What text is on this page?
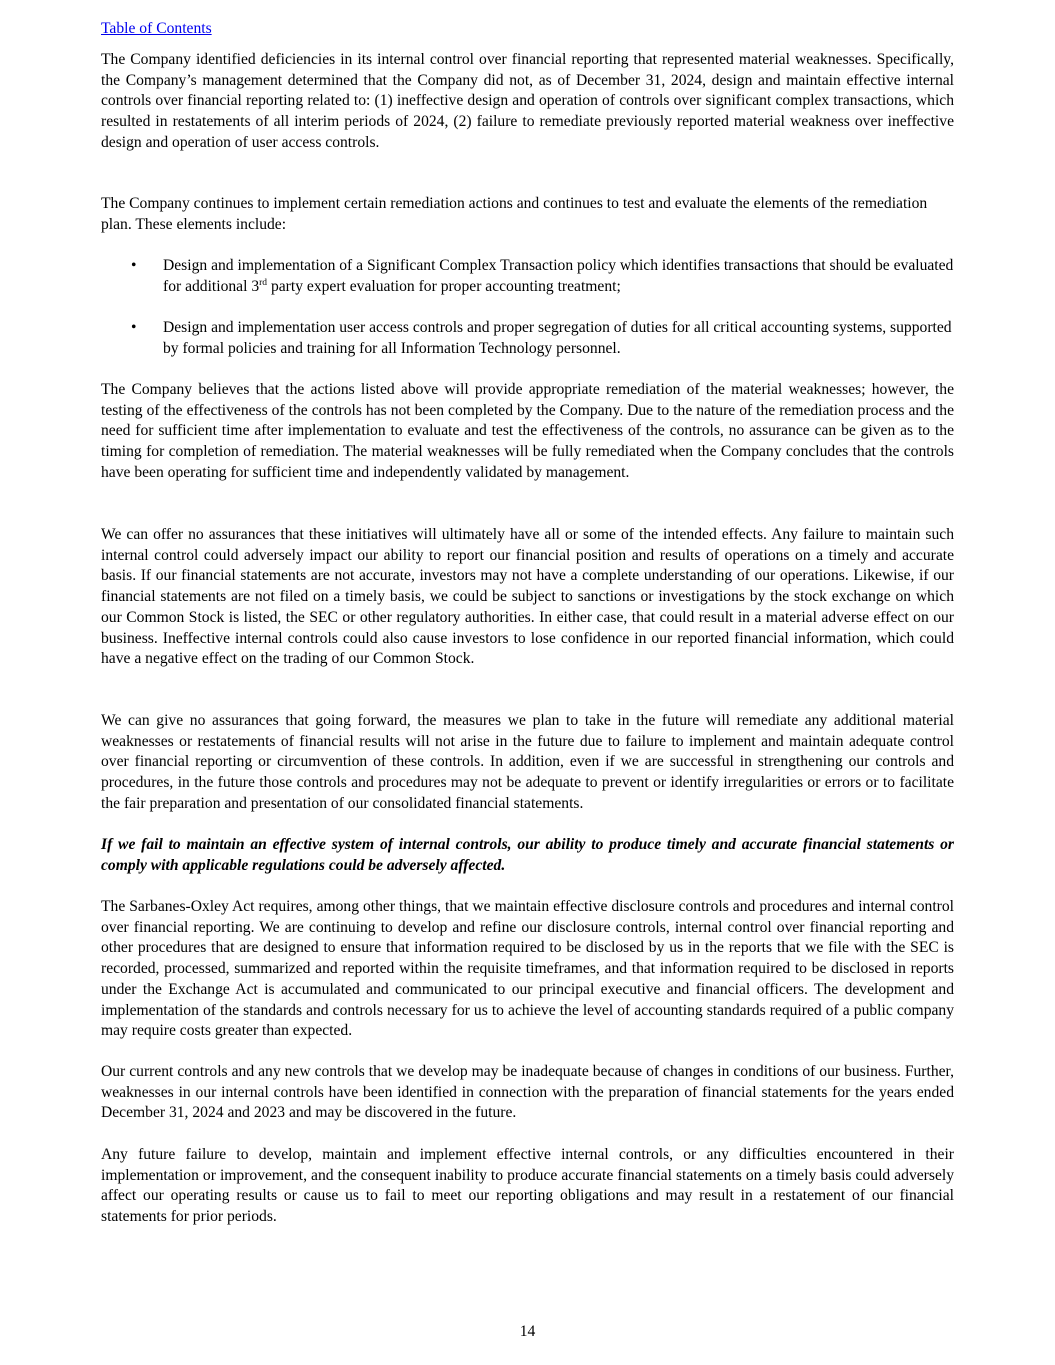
Table of Contents

The Company identified deficiencies in its internal control over financial reporting that represented material weaknesses. Specifically, the Company’s management determined that the Company did not, as of December 31, 2024, design and maintain effective internal controls over financial reporting related to: (1) ineffective design and operation of controls over significant complex transactions, which resulted in restatements of all interim periods of 2024, (2) failure to remediate previously reported material weakness over ineffective design and operation of user access controls.

The Company continues to implement certain remediation actions and continues to test and evaluate the elements of the remediation plan. These elements include:

• Design and implementation of a Significant Complex Transaction policy which identifies transactions that should be evaluated for additional 3rd party expert evaluation for proper accounting treatment;
• Design and implementation user access controls and proper segregation of duties for all critical accounting systems, supported by formal policies and training for all Information Technology personnel.

The Company believes that the actions listed above will provide appropriate remediation of the material weaknesses; however, the testing of the effectiveness of the controls has not been completed by the Company. Due to the nature of the remediation process and the need for sufficient time after implementation to evaluate and test the effectiveness of the controls, no assurance can be given as to the timing for completion of remediation. The material weaknesses will be fully remediated when the Company concludes that the controls have been operating for sufficient time and independently validated by management.

We can offer no assurances that these initiatives will ultimately have all or some of the intended effects. Any failure to maintain such internal control could adversely impact our ability to report our financial position and results of operations on a timely and accurate basis. If our financial statements are not accurate, investors may not have a complete understanding of our operations. Likewise, if our financial statements are not filed on a timely basis, we could be subject to sanctions or investigations by the stock exchange on which our Common Stock is listed, the SEC or other regulatory authorities. In either case, that could result in a material adverse effect on our business. Ineffective internal controls could also cause investors to lose confidence in our reported financial information, which could have a negative effect on the trading of our Common Stock.

We can give no assurances that going forward, the measures we plan to take in the future will remediate any additional material weaknesses or restatements of financial results will not arise in the future due to failure to implement and maintain adequate control over financial reporting or circumvention of these controls. In addition, even if we are successful in strengthening our controls and procedures, in the future those controls and procedures may not be adequate to prevent or identify irregularities or errors or to facilitate the fair preparation and presentation of our consolidated financial statements.

If we fail to maintain an effective system of internal controls, our ability to produce timely and accurate financial statements or comply with applicable regulations could be adversely affected.

The Sarbanes-Oxley Act requires, among other things, that we maintain effective disclosure controls and procedures and internal control over financial reporting. We are continuing to develop and refine our disclosure controls, internal control over financial reporting and other procedures that are designed to ensure that information required to be disclosed by us in the reports that we file with the SEC is recorded, processed, summarized and reported within the requisite timeframes, and that information required to be disclosed in reports under the Exchange Act is accumulated and communicated to our principal executive and financial officers. The development and implementation of the standards and controls necessary for us to achieve the level of accounting standards required of a public company may require costs greater than expected.

Our current controls and any new controls that we develop may be inadequate because of changes in conditions of our business. Further, weaknesses in our internal controls have been identified in connection with the preparation of financial statements for the years ended December 31, 2024 and 2023 and may be discovered in the future.

Any future failure to develop, maintain and implement effective internal controls, or any difficulties encountered in their implementation or improvement, and the consequent inability to produce accurate financial statements on a timely basis could adversely affect our operating results or cause us to fail to meet our reporting obligations and may result in a restatement of our financial statements for prior periods.

14
